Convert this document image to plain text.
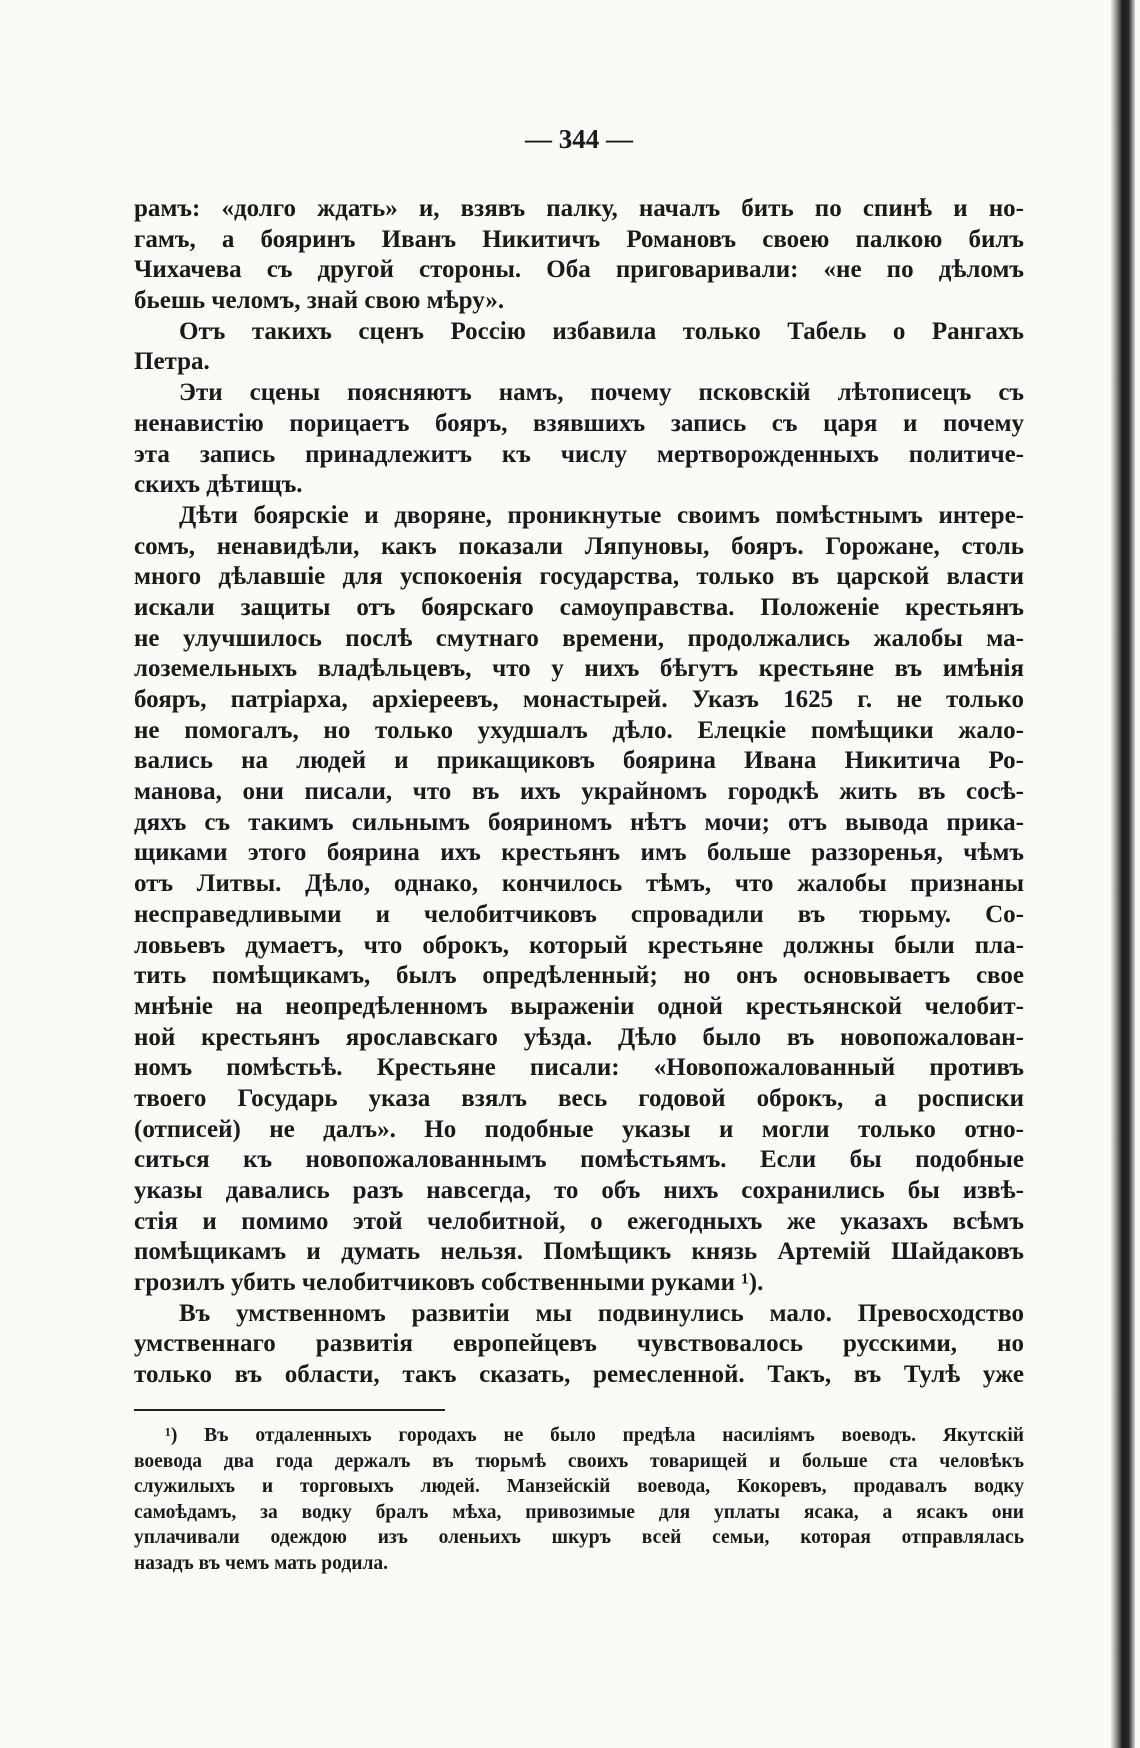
— 344 —
рамъ: «долго ждать» и, взявъ палку, началъ бить по спинѣ и но-
гамъ, а бояринъ Иванъ Никитичъ Романовъ своею палкою билъ
Чихачева съ другой стороны. Оба приговаривали: «не по дѣломъ
бьешь челомъ, знай свою мѣру».
Отъ такихъ сценъ Россію избавила только Табель о Рангахъ
Петра.
Эти сцены поясняютъ намъ, почему псковскій лѣтописецъ съ
ненавистію порицаетъ бояръ, взявшихъ запись съ царя и почему
эта запись принадлежитъ къ числу мертворожденныхъ политиче-
скихъ дѣтищъ.
Дѣти боярскіе и дворяне, проникнутые своимъ помѣстнымъ интере-
сомъ, ненавидѣли, какъ показали Ляпуновы, бояръ. Горожане, столь
много дѣлавшіе для успокоенія государства, только въ царской власти
искали защиты отъ боярскаго самоуправства. Положеніе крестьянъ
не улучшилось послѣ смутнаго времени, продолжались жалобы ма-
лоземельныхъ владѣльцевъ, что у нихъ бѣгутъ крестьяне въ имѣнія
бояръ, патріарха, архіереевъ, монастырей. Указъ 1625 г. не только
не помогалъ, но только ухудшалъ дѣло. Елецкіе помѣщики жало-
вались на людей и прикащиковъ боярина Ивана Никитича Ро-
манова, они писали, что въ ихъ украйномъ городкѣ жить въ сосѣ-
дяхъ съ такимъ сильнымъ бояриномъ нѣтъ мочи; отъ вывода прика-
щиками этого боярина ихъ крестьянъ имъ больше раззоренья, чѣмъ
отъ Литвы. Дѣло, однако, кончилось тѣмъ, что жалобы признаны
несправедливыми и челобитчиковъ спровадили въ тюрьму. Со-
ловьевъ думаетъ, что оброкъ, который крестьяне должны были пла-
тить помѣщикамъ, былъ опредѣленный; но онъ основываетъ свое
мнѣніе на неопредѣленномъ выраженіи одной крестьянской челобит-
ной крестьянъ ярославскаго уѣзда. Дѣло было въ новопожалован-
номъ помѣстьѣ. Крестьяне писали: «Новопожалованный противъ
твоего Государь указа взялъ весь годовой оброкъ, а росписки
(отписей) не далъ». Но подобные указы и могли только отно-
ситься къ новопожалованнымъ помѣстьямъ. Если бы подобные
указы давались разъ навсегда, то объ нихъ сохранились бы извѣ-
стія и помимо этой челобитной, о ежегодныхъ же указахъ всѣмъ
помѣщикамъ и думать нельзя. Помѣщикъ князь Артемій Шайдаковъ
грозилъ убить челобитчиковъ собственными руками ¹).
Въ умственномъ развитіи мы подвинулись мало. Превосходство
умственнаго развитія европейцевъ чувствовалось русскими, но
только въ области, такъ сказать, ремесленной. Такъ, въ Тулѣ уже
¹) Въ отдаленныхъ городахъ не было предѣла насиліямъ воеводъ. Якутскій
воевода два года держалъ въ тюрьмѣ своихъ товарищей и больше ста человѣкъ
служилыхъ и торговыхъ людей. Манзейскій воевода, Кокоревъ, продавалъ водку
самоѣдамъ, за водку бралъ мѣха, привозимые для уплаты ясака, а ясакъ они
уплачивали одеждою изъ оленьихъ шкуръ всей семьи, которая отправлялась
назадъ въ чемъ мать родила.
